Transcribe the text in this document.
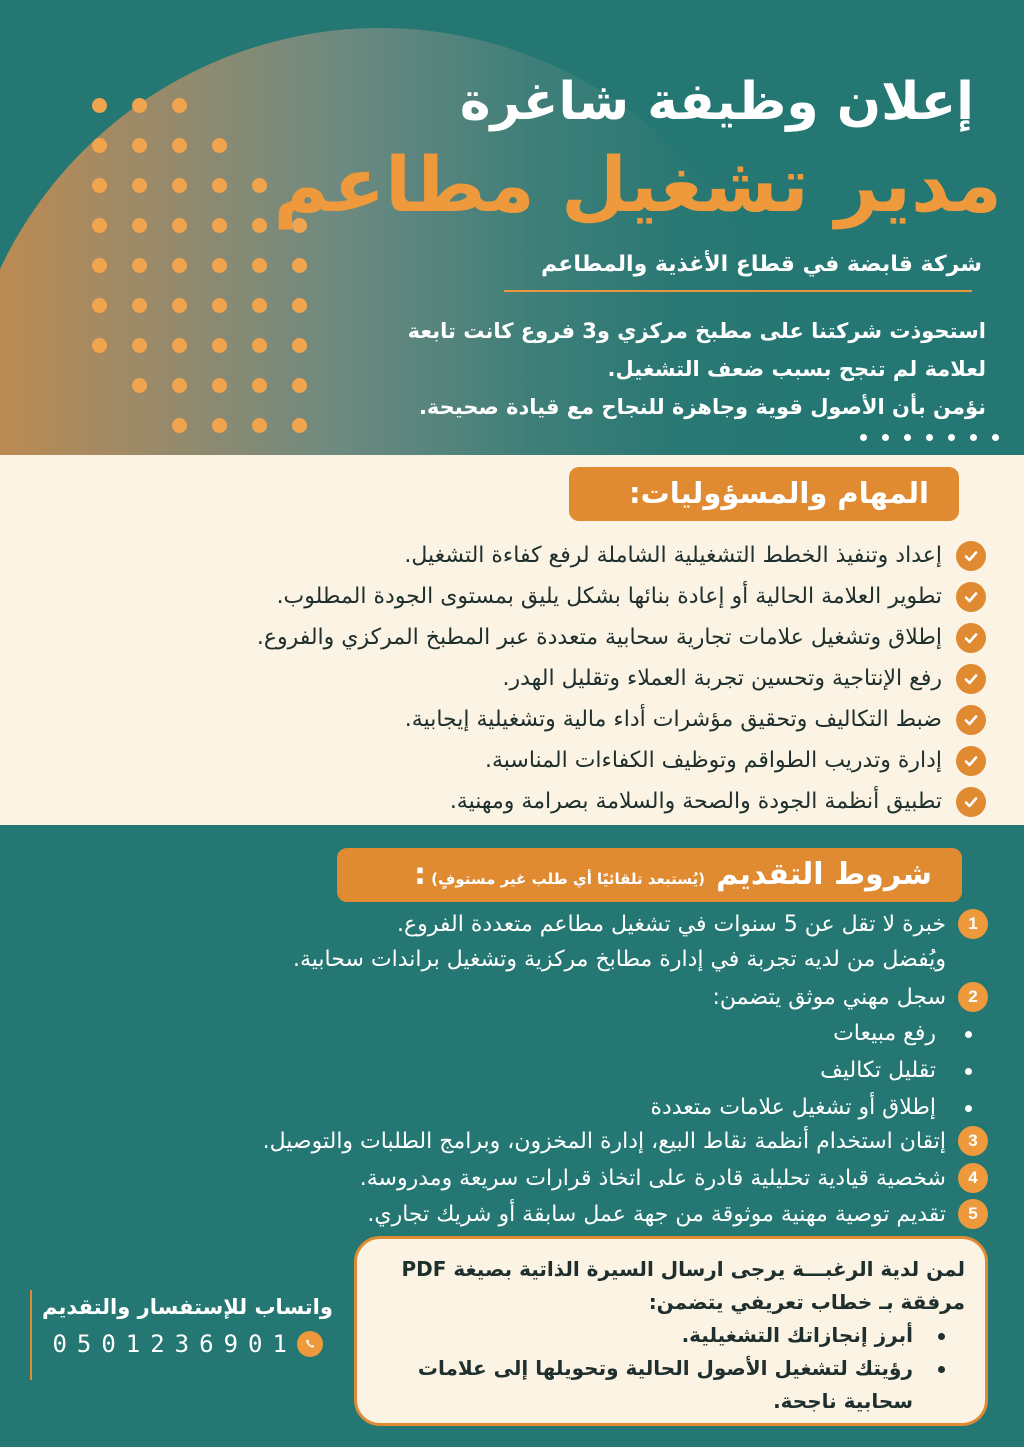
إعلان وظيفة شاغرة
مدير تشغيل مطاعم
شركة قابضة في قطاع الأغذية والمطاعم

استحوذت شركتنا على مطبخ مركزي و3 فروع كانت تابعة

لعلامة لم تنجح بسبب ضعف التشغيل.

نؤمن بأن الأصول قوية وجاهزة للنجاح مع قيادة صحيحة.

المهام والمسؤوليات:
إعداد وتنفيذ الخطط التشغيلية الشاملة لرفع كفاءة التشغيل.
تطوير العلامة الحالية أو إعادة بنائها بشكل يليق بمستوى الجودة المطلوب.
إطلاق وتشغيل علامات تجارية سحابية متعددة عبر المطبخ المركزي والفروع.
رفع الإنتاجية وتحسين تجربة العملاء وتقليل الهدر.
ضبط التكاليف وتحقيق مؤشرات أداء مالية وتشغيلية إيجابية.
إدارة وتدريب الطواقم وتوظيف الكفاءات المناسبة.
تطبيق أنظمة الجودة والصحة والسلامة بصرامة ومهنية.
شروط التقديم (يُستبعد تلقائيًا أي طلب غير مستوفٍ) :
1
خبرة لا تقل عن 5 سنوات في تشغيل مطاعم متعددة الفروع.
ويُفضل من لديه تجربة في إدارة مطابخ مركزية وتشغيل براندات سحابية.
2
سجل مهني موثق يتضمن:
رفع مبيعات
تقليل تكاليف
إطلاق أو تشغيل علامات متعددة
3
إتقان استخدام أنظمة نقاط البيع، إدارة المخزون، وبرامج الطلبات والتوصيل.
4
شخصية قيادية تحليلية قادرة على اتخاذ قرارات سريعة ومدروسة.
5
تقديم توصية مهنية موثوقة من جهة عمل سابقة أو شريك تجاري.
لمن لدية الرغبـــة يرجى ارسال السيرة الذاتية بصيغة PDF
مرفقة بـ خطاب تعريفي يتضمن:
أبرز إنجازاتك التشغيلية.
رؤيتك لتشغيل الأصول الحالية وتحويلها إلى علامات سحابية ناجحة.
واتساب للإستفسار والتقديم
0501236901
